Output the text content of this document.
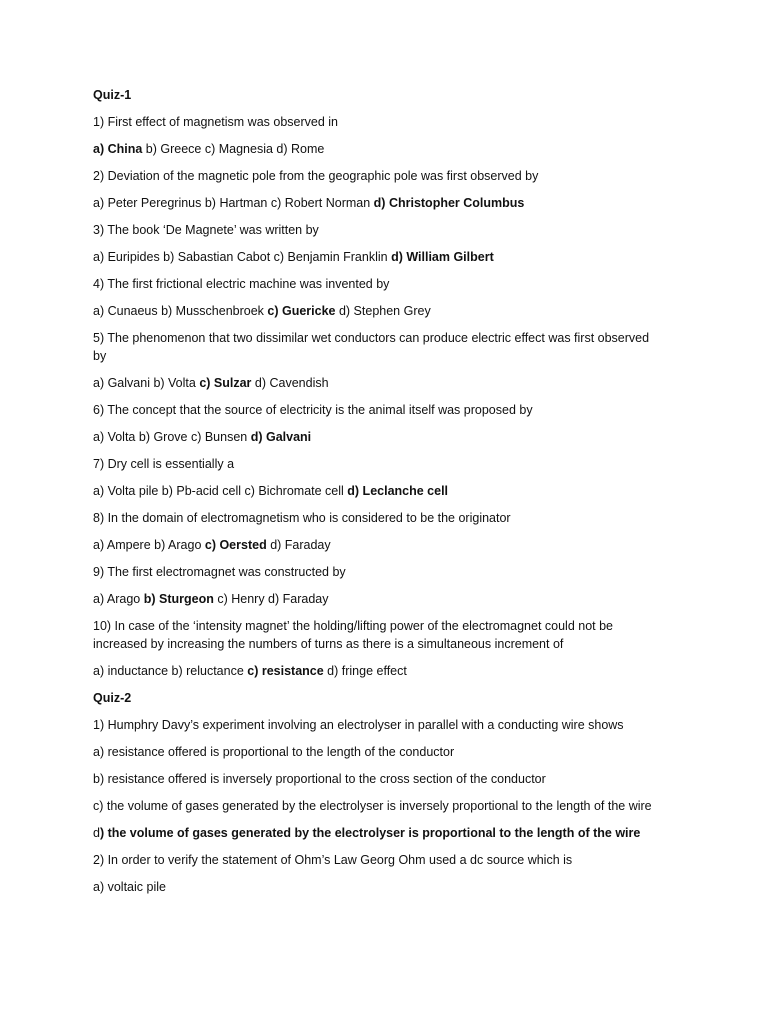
Quiz-1

1) First effect of magnetism was observed in

a) China b) Greece c) Magnesia d) Rome

2) Deviation of the magnetic pole from the geographic pole was first observed by

a) Peter Peregrinus b) Hartman c) Robert Norman d) Christopher Columbus

3) The book ‘De Magnete’ was written by

a) Euripides b) Sabastian Cabot c) Benjamin Franklin d) William Gilbert

4) The first frictional electric machine was invented by

a) Cunaeus b) Musschenbroek c) Guericke d) Stephen Grey

5) The phenomenon that two dissimilar wet conductors can produce electric effect was first observed by

a) Galvani b) Volta c) Sulzar d) Cavendish

6) The concept that the source of electricity is the animal itself was proposed by

a) Volta b) Grove c) Bunsen d) Galvani

7) Dry cell is essentially a

a) Volta pile b) Pb-acid cell c) Bichromate cell d) Leclanche cell

8) In the domain of electromagnetism who is considered to be the originator

a) Ampere b) Arago c) Oersted d) Faraday

9) The first electromagnet was constructed by

a) Arago b) Sturgeon c) Henry d) Faraday

10) In case of the ‘intensity magnet’ the holding/lifting power of the electromagnet could not be increased by increasing the numbers of turns as there is a simultaneous increment of

a) inductance b) reluctance c) resistance d) fringe effect

Quiz-2

1) Humphry Davy’s experiment involving an electrolyser in parallel with a conducting wire shows

a) resistance offered is proportional to the length of the conductor

b) resistance offered is inversely proportional to the cross section of the conductor

c) the volume of gases generated by the electrolyser is inversely proportional to the length of the wire

d) the volume of gases generated by the electrolyser is proportional to the length of the wire

2) In order to verify the statement of Ohm’s Law Georg Ohm used a dc source which is

a) voltaic pile
